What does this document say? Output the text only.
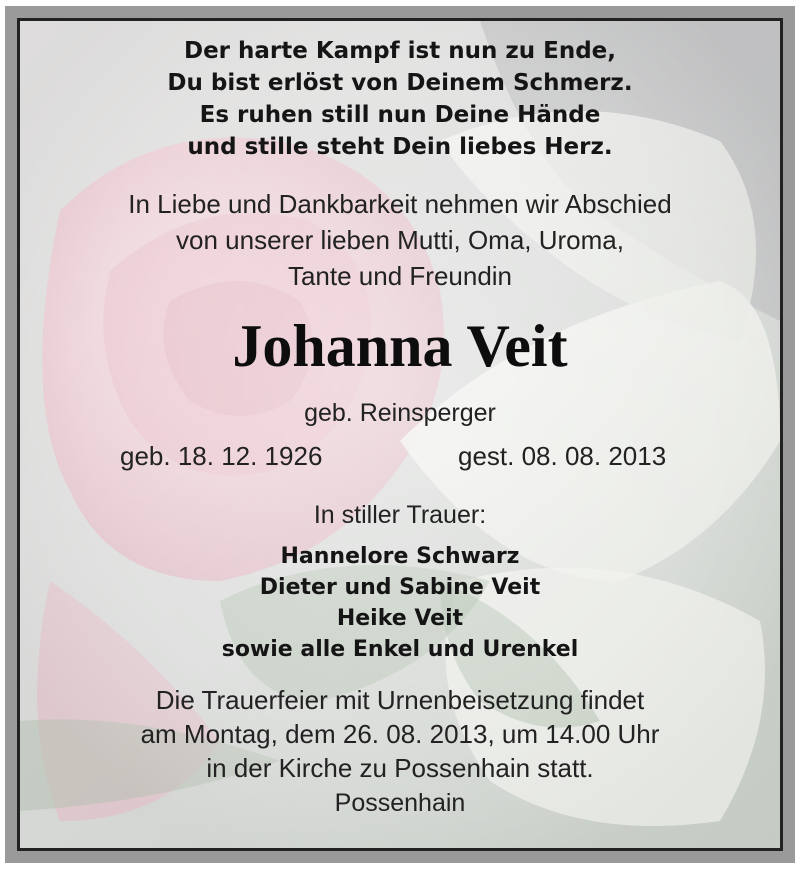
Der harte Kampf ist nun zu Ende,
Du bist erlöst von Deinem Schmerz.
Es ruhen still nun Deine Hände
und stille steht Dein liebes Herz.
In Liebe und Dankbarkeit nehmen wir Abschied
von unserer lieben Mutti, Oma, Uroma,
Tante und Freundin
Johanna Veit
geb. Reinsperger
geb. 18. 12. 1926	gest. 08. 08. 2013
In stiller Trauer:
Hannelore Schwarz
Dieter und Sabine Veit
Heike Veit
sowie alle Enkel und Urenkel
Die Trauerfeier mit Urnenbeisetzung findet
am Montag, dem 26. 08. 2013, um 14.00 Uhr
in der Kirche zu Possenhain statt.
Possenhain
